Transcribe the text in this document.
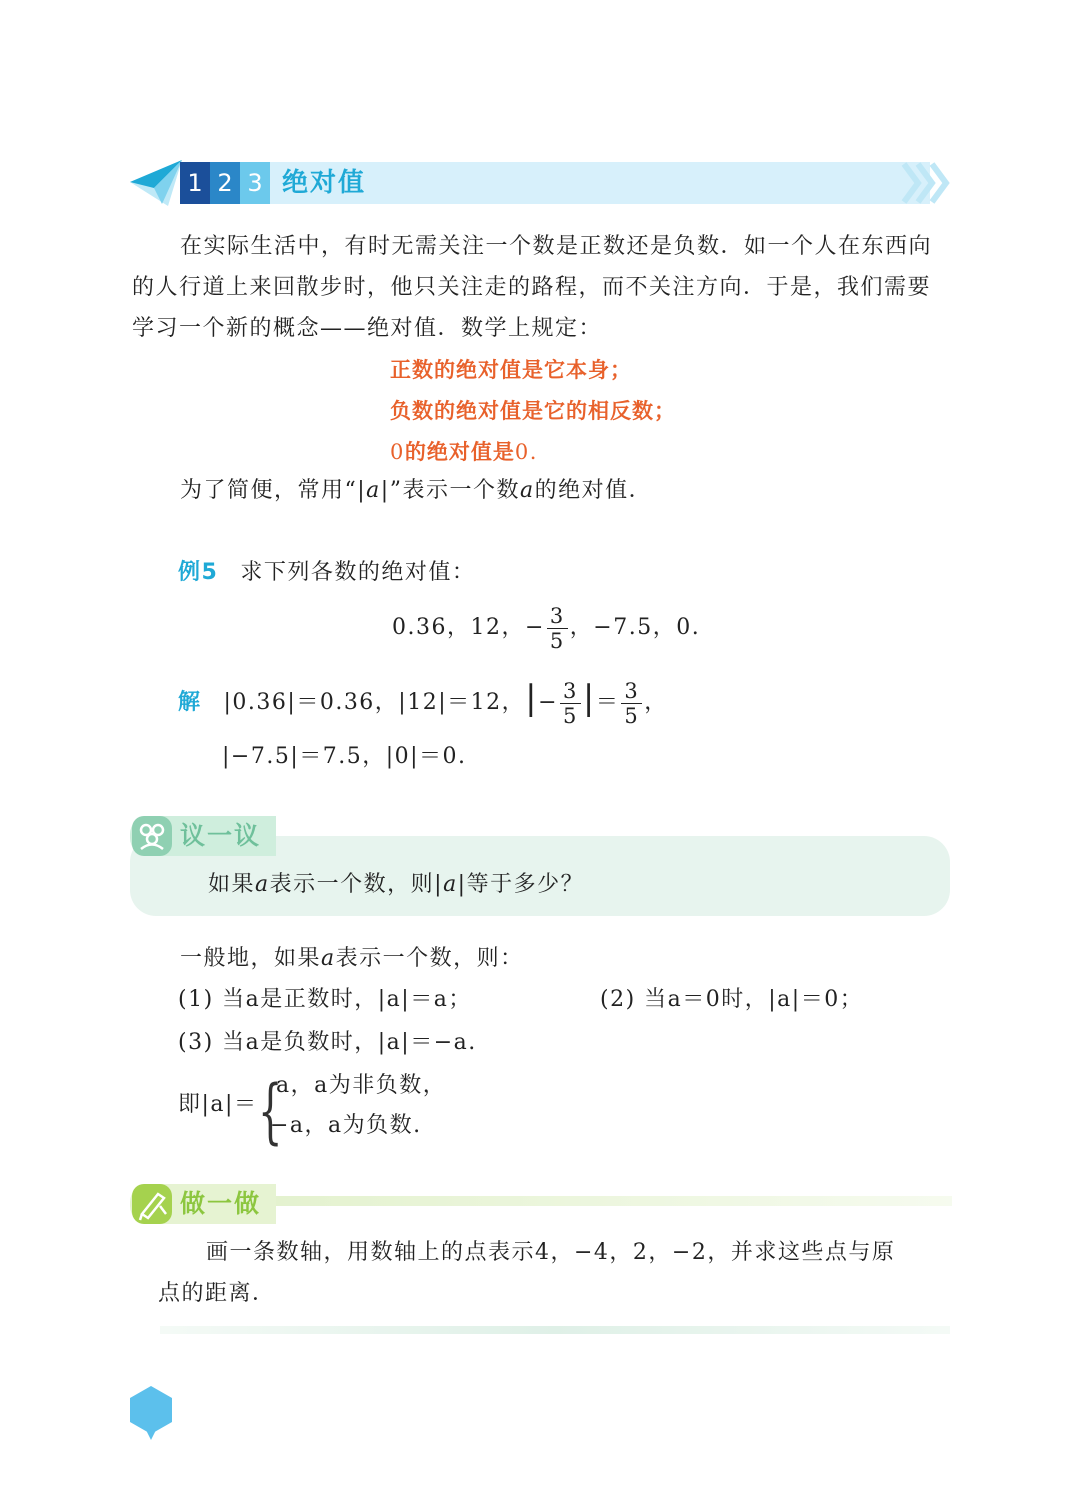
1 2 3 绝对值
在实际生活中，有时无需关注一个数是正数还是负数．如一个人在东西向
的人行道上来回散步时，他只关注走的路程，而不关注方向．于是，我们需要
学习一个新的概念——绝对值．数学上规定：
正数的绝对值是它本身；
负数的绝对值是它的相反数；
0的绝对值是0.
为了简便，常用“|a|”表示一个数a的绝对值．
例5 求下列各数的绝对值：
0.36，12，− $\frac{3}{5}$ ，−7.5，0.
解 |0.36|＝0.36，|12|＝12，|− $\frac{3}{5}$ |＝ $\frac{3}{5}$ ，
|−7.5|＝7.5，|0|＝0.
议一议
如果a表示一个数，则|a|等于多少？
一般地，如果a表示一个数，则：
(1) 当a是正数时，|a|＝a；	(2) 当a＝0时，|a|＝0；
(3) 当a是负数时，|a|＝−a.
即|a|＝ {
a，a为非负数，
−a，a为负数.
做一做
画一条数轴，用数轴上的点表示4，−4，2，−2，并求这些点与原
点的距离．
